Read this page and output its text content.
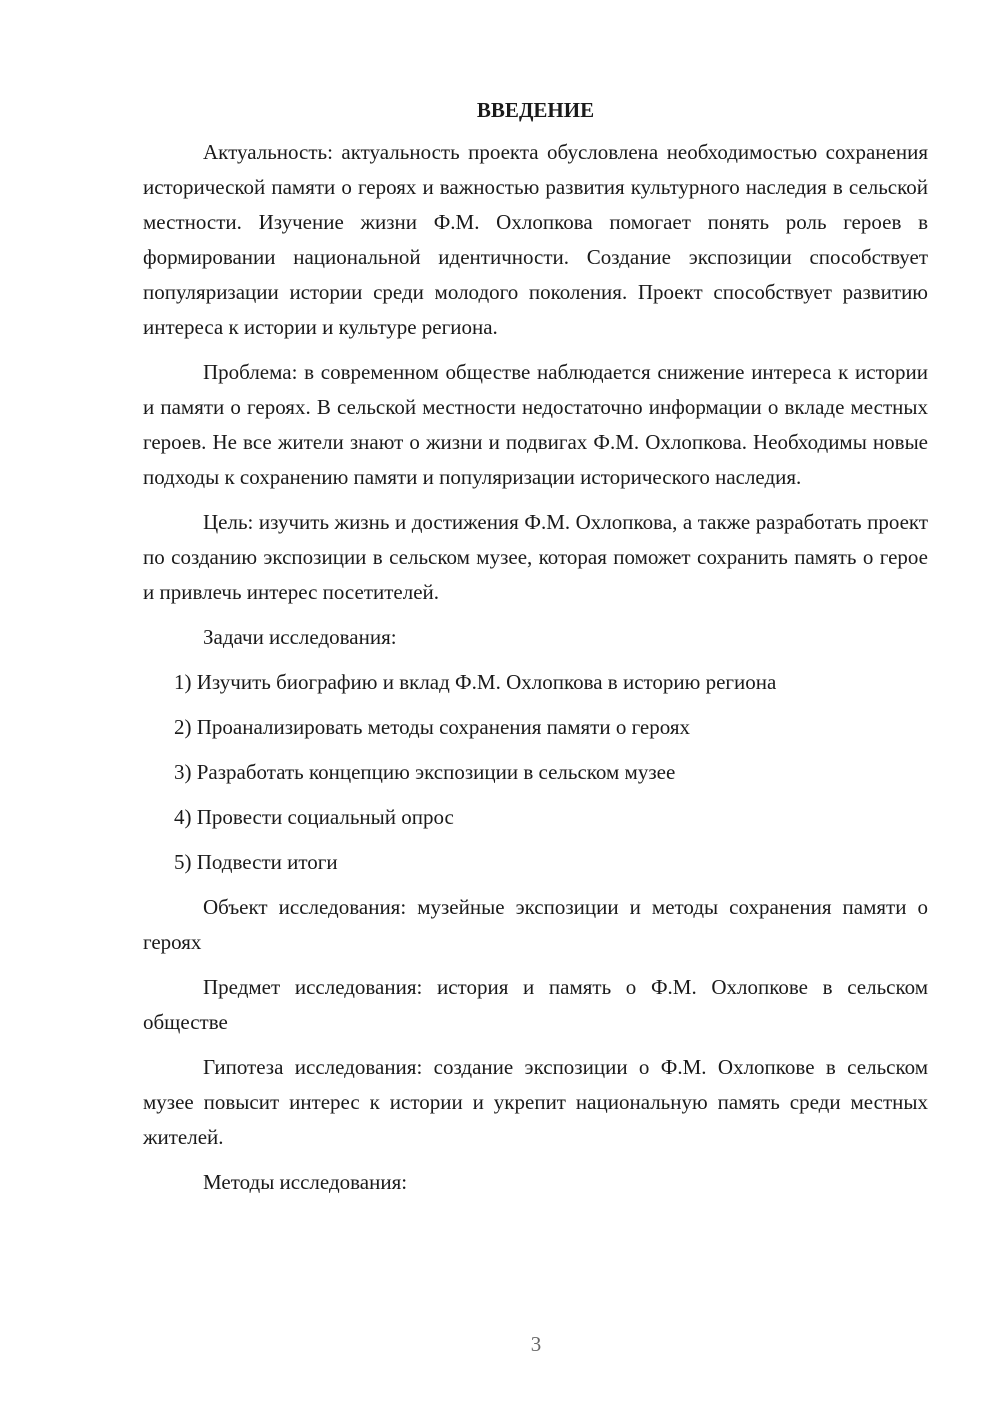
ВВЕДЕНИЕ

Актуальность: актуальность проекта обусловлена необходимостью сохранения исторической памяти о героях и важностью развития культурного наследия в сельской местности. Изучение жизни Ф.М. Охлопкова помогает понять роль героев в формировании национальной идентичности. Создание экспозиции способствует популяризации истории среди молодого поколения. Проект способствует развитию интереса к истории и культуре региона.

Проблема: в современном обществе наблюдается снижение интереса к истории и памяти о героях. В сельской местности недостаточно информации о вкладе местных героев. Не все жители знают о жизни и подвигах Ф.М. Охлопкова. Необходимы новые подходы к сохранению памяти и популяризации исторического наследия.

Цель: изучить жизнь и достижения Ф.М. Охлопкова, а также разработать проект по созданию экспозиции в сельском музее, которая поможет сохранить память о герое и привлечь интерес посетителей.

Задачи исследования:

1) Изучить биографию и вклад Ф.М. Охлопкова в историю региона
2) Проанализировать методы сохранения памяти о героях
3) Разработать концепцию экспозиции в сельском музее
4) Провести социальный опрос
5) Подвести итоги

Объект исследования: музейные экспозиции и методы сохранения памяти о героях

Предмет исследования: история и память о Ф.М. Охлопкове в сельском обществе

Гипотеза исследования: создание экспозиции о Ф.М. Охлопкове в сельском музее повысит интерес к истории и укрепит национальную память среди местных жителей.

Методы исследования:

3
